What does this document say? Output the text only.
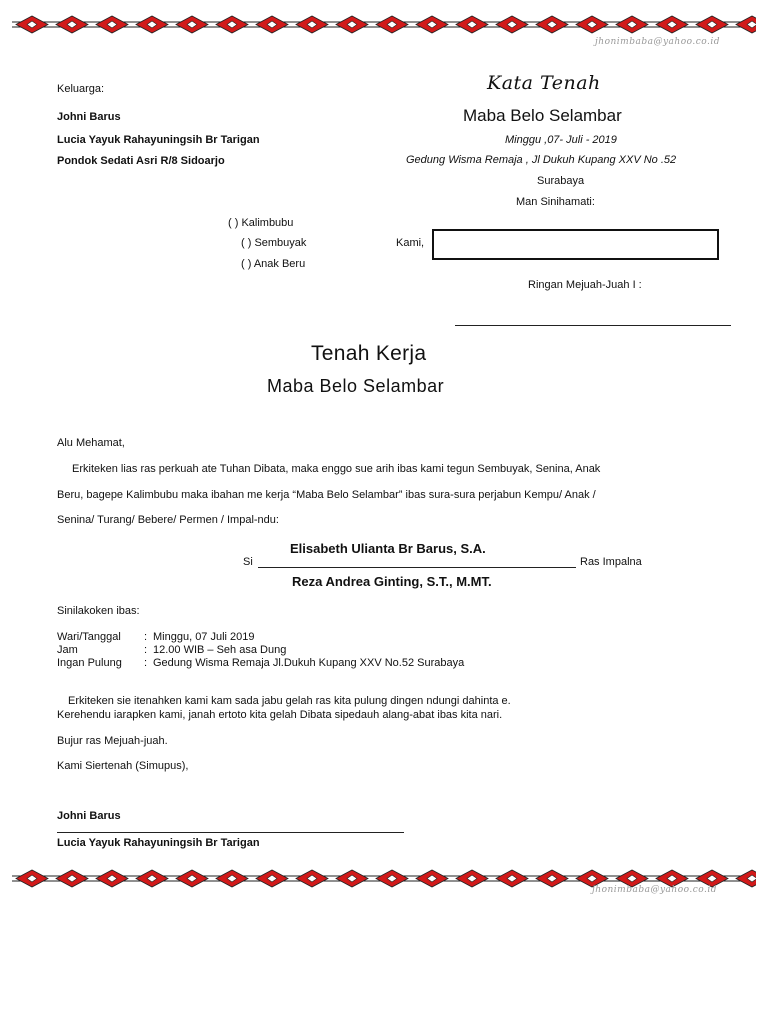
jhonimbaba@yahoo.co.id
Keluarga:
Johni Barus
Lucia Yayuk Rahayuningsih Br Tarigan
Pondok Sedati Asri R/8 Sidoarjo
Kata Tenah
Maba Belo Selambar
Minggu ,07- Juli - 2019
Gedung Wisma Remaja , Jl Dukuh Kupang XXV No .52
Surabaya
Man Sinihamati:
( ) Kalimbubu
( ) Sembuyak
( ) Anak Beru
Kami,
Ringan Mejuah-Juah I :
Tenah Kerja
Maba Belo Selambar
Alu Mehamat,
Erkiteken lias ras perkuah ate Tuhan Dibata, maka enggo sue arih ibas kami tegun Sembuyak, Senina, Anak
Beru, bagepe Kalimbubu maka ibahan me kerja “Maba Belo Selambar” ibas sura-sura perjabun Kempu/ Anak /
Senina/ Turang/ Bebere/ Permen / Impal-ndu:
Elisabeth Ulianta Br Barus, S.A.
Si	Ras Impalna
Reza Andrea Ginting, S.T., M.MT.
Sinilakoken ibas:
Wari/Tanggal : Minggu, 07 Juli 2019
Jam	: 12.00 WIB – Seh asa Dung
Ingan Pulung : Gedung Wisma Remaja Jl.Dukuh Kupang XXV No.52 Surabaya
Erkiteken sie itenahken kami kam sada jabu gelah ras kita pulung dingen ndungi dahinta e.
Kerehendu iarapken kami, janah ertoto kita gelah Dibata sipedauh alang-abat ibas kita nari.
Bujur ras Mejuah-juah.
Kami Siertenah (Simupus),
Johni Barus
Lucia Yayuk Rahayuningsih Br Tarigan
jhonimbaba@yahoo.co.id
